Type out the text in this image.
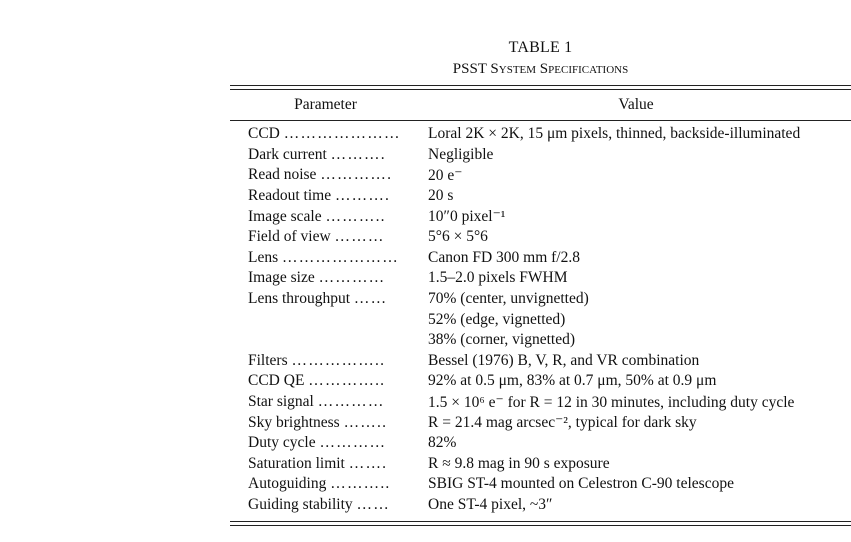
TABLE 1
PSST System Specifications
Parameter	Value
CCD …………………	Loral 2K × 2K, 15 μm pixels, thinned, backside-illuminated
Dark current ……….	Negligible
Read noise ………….	20 e⁻
Readout time ……….	20 s
Image scale ………..	10″0 pixel⁻¹
Field of view ………	5°6 × 5°6
Lens …………………	Canon FD 300 mm f/2.8
Image size …………	1.5–2.0 pixels FWHM
Lens throughput ……	70% (center, unvignetted)
52% (edge, vignetted)
38% (corner, vignetted)
Filters ……………..	Bessel (1976) B, V, R, and VR combination
CCD QE …………..	92% at 0.5 μm, 83% at 0.7 μm, 50% at 0.9 μm
Star signal …………	1.5 × 10⁶ e⁻ for R = 12 in 30 minutes, including duty cycle
Sky brightness ……..	R = 21.4 mag arcsec⁻², typical for dark sky
Duty cycle …………	82%
Saturation limit …….	R ≈ 9.8 mag in 90 s exposure
Autoguiding ………..	SBIG ST-4 mounted on Celestron C-90 telescope
Guiding stability ……	One ST-4 pixel, ~3″
